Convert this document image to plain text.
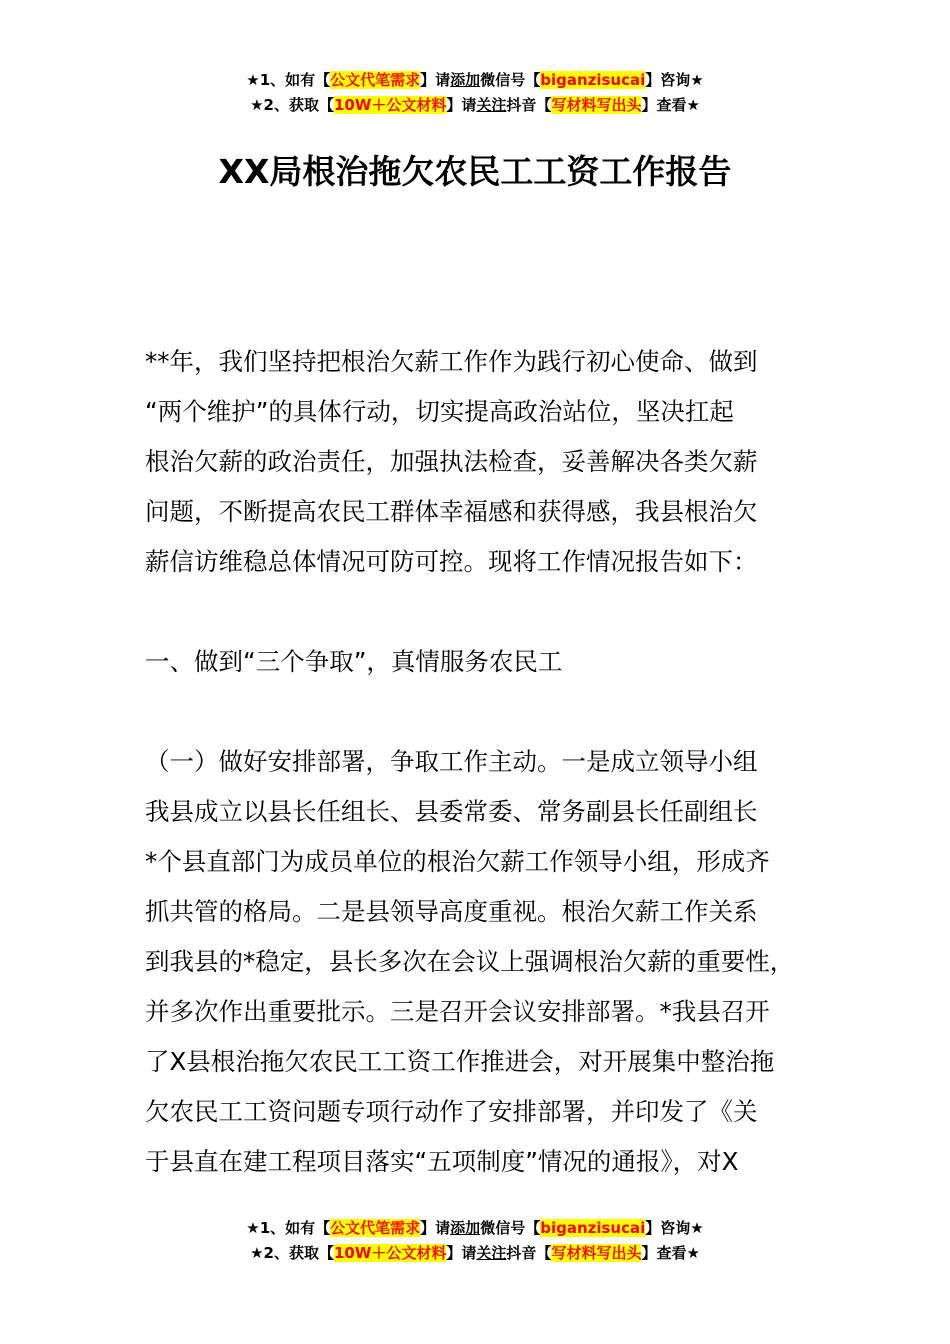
★1、如有【公文代笔需求】请添加微信号【biganzisucai】咨询★
★2、获取【10W＋公文材料】请关注抖音【写材料写出头】查看★
XX局根治拖欠农民工工资工作报告
**年，我们坚持把根治欠薪工作作为践行初心使命、做到
“两个维护”的具体行动，切实提高政治站位，坚决扛起
根治欠薪的政治责任，加强执法检查，妥善解决各类欠薪
问题，不断提高农民工群体幸福感和获得感，我县根治欠
薪信访维稳总体情况可防可控。现将工作情况报告如下：
一、做到“三个争取”，真情服务农民工
（一）做好安排部署，争取工作主动。一是成立领导小组
我县成立以县长任组长、县委常委、常务副县长任副组长
*个县直部门为成员单位的根治欠薪工作领导小组，形成齐
抓共管的格局。二是县领导高度重视。根治欠薪工作关系
到我县的*稳定，县长多次在会议上强调根治欠薪的重要性，
并多次作出重要批示。三是召开会议安排部署。*我县召开
了X县根治拖欠农民工工资工作推进会，对开展集中整治拖
欠农民工工资问题专项行动作了安排部署，并印发了《关
于县直在建工程项目落实“五项制度”情况的通报》，对X
★1、如有【公文代笔需求】请添加微信号【biganzisucai】咨询★
★2、获取【10W＋公文材料】请关注抖音【写材料写出头】查看★
